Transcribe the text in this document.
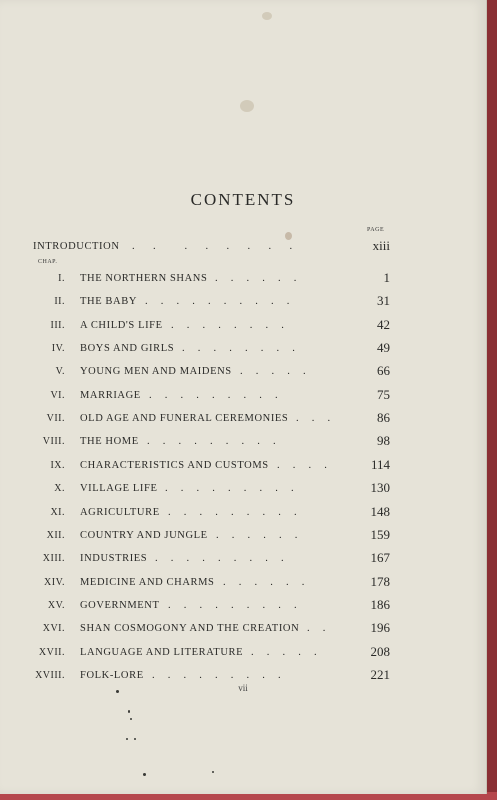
CONTENTS
PAGE
INTRODUCTION .       .           .       .       .       .       .       .	xiii
CHAP.
I. THE NORTHERN SHANS .     .     .     .     .     .	1
II. THE BABY .     .     .     .     .     .     .     .     .     .	31
III. A CHILD'S LIFE .     .     .     .     .     .     .     .	42
IV. BOYS AND GIRLS .     .     .     .     .     .     .     .	49
V. YOUNG MEN AND MAIDENS .     .     .     .     .	66
VI. MARRIAGE .     .     .     .     .     .     .     .     .	75
VII. OLD AGE AND FUNERAL CEREMONIES .     .     .	86
VIII. THE HOME .     .     .     .     .     .     .     .     .	98
IX. CHARACTERISTICS AND CUSTOMS .     .     .     .	114
X. VILLAGE LIFE .     .     .     .     .     .     .     .     .	130
XI. AGRICULTURE .     .     .     .     .     .     .     .     .	148
XII. COUNTRY AND JUNGLE .     .     .     .     .     .	159
XIII. INDUSTRIES .     .     .     .     .     .     .     .     .	167
XIV. MEDICINE AND CHARMS .     .     .     .     .     .	178
XV. GOVERNMENT .     .     .     .     .     .     .     .     .	186
XVI. SHAN COSMOGONY AND THE CREATION .     .	196
XVII. LANGUAGE AND LITERATURE .     .     .     .     .	208
XVIII. FOLK-LORE .     .     .     .     .     .     .     .     .	221
vii
